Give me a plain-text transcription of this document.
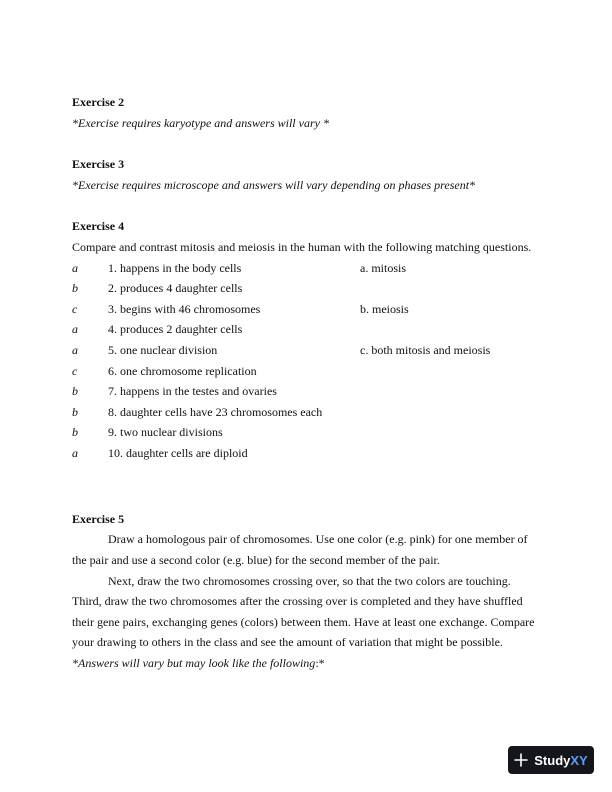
Exercise 2
*Exercise requires karyotype and answers will vary *
Exercise 3
*Exercise requires microscope and answers will vary depending on phases present*
Exercise 4
Compare and contrast mitosis and meiosis in the human with the following matching questions.
a	1. happens in the body cells
b	2. produces 4 daughter cells
c	3. begins with 46 chromosomes
a	4. produces 2 daughter cells
a	5. one nuclear division
c	6. one chromosome replication
b	7. happens in the testes and ovaries
b	8. daughter cells have 23 chromosomes each
b	9. two nuclear divisions
a	10. daughter cells are diploid
a. mitosis
b. meiosis
c. both mitosis and meiosis
Exercise 5
Draw a homologous pair of chromosomes. Use one color (e.g. pink) for one member of
the pair and use a second color (e.g. blue) for the second member of the pair.
Next, draw the two chromosomes crossing over, so that the two colors are touching.
Third, draw the two chromosomes after the crossing over is completed and they have shuffled
their gene pairs, exchanging genes (colors) between them. Have at least one exchange. Compare
your drawing to others in the class and see the amount of variation that might be possible.
*Answers will vary but may look like the following:*
StudyXY
